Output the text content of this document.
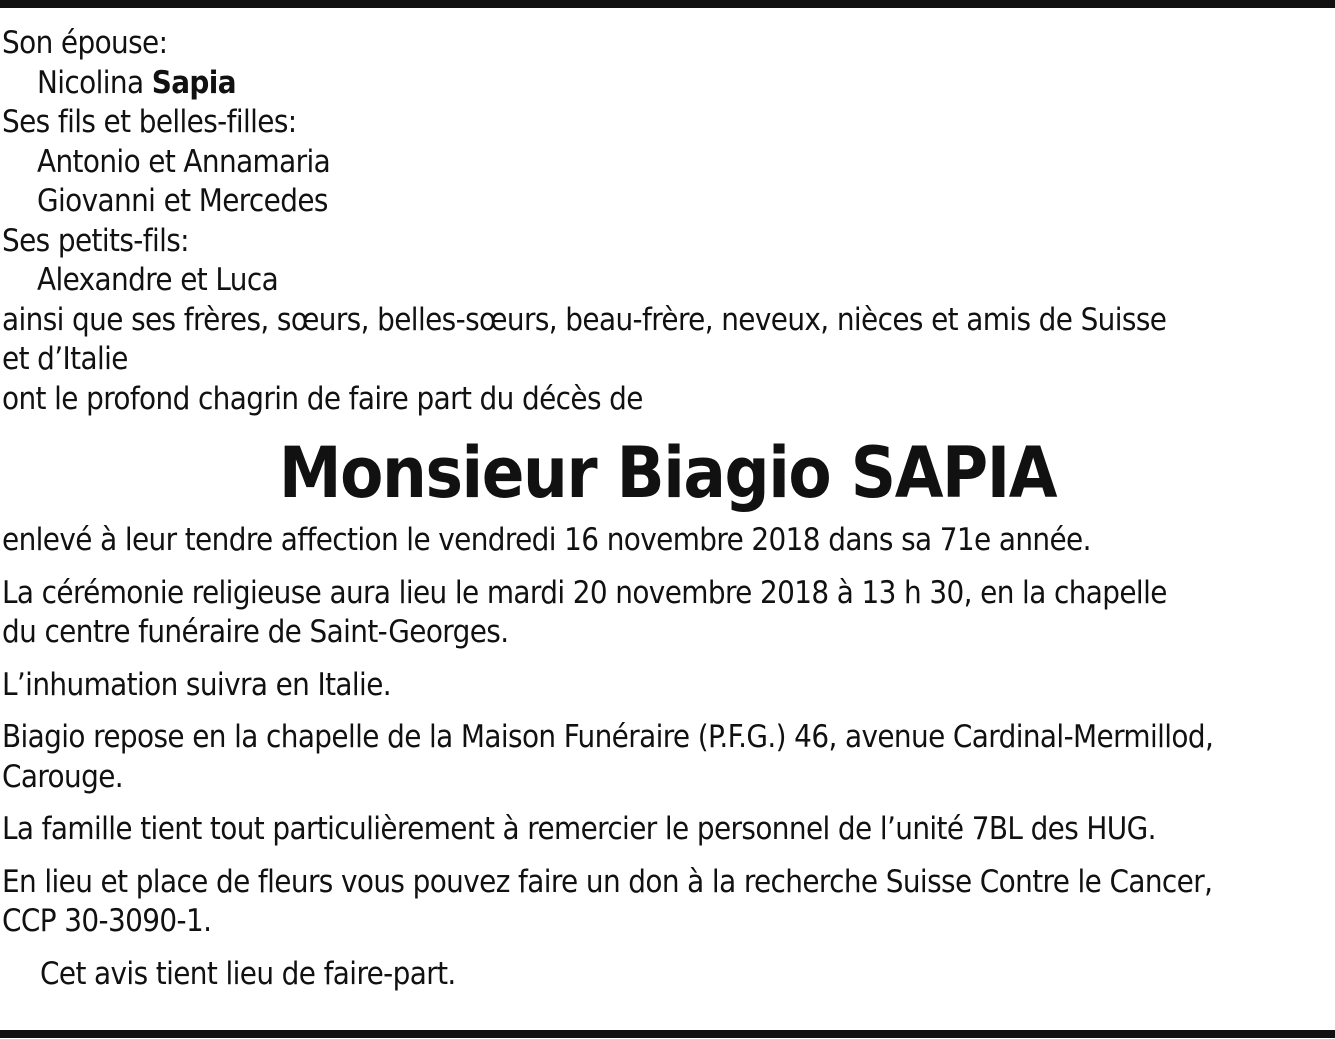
Son épouse:
Nicolina Sapia
Ses fils et belles-filles:
Antonio et Annamaria
Giovanni et Mercedes
Ses petits-fils:
Alexandre et Luca
ainsi que ses frères, sœurs, belles-sœurs, beau-frère, neveux, nièces et amis de Suisse
et d’Italie
ont le profond chagrin de faire part du décès de
Monsieur Biagio SAPIA
enlevé à leur tendre affection le vendredi 16 novembre 2018 dans sa 71e année.
La cérémonie religieuse aura lieu le mardi 20 novembre 2018 à 13 h 30, en la chapelle
du centre funéraire de Saint-Georges.
L’inhumation suivra en Italie.
Biagio repose en la chapelle de la Maison Funéraire (P.F.G.) 46, avenue Cardinal-Mermillod,
Carouge.
La famille tient tout particulièrement à remercier le personnel de l’unité 7BL des HUG.
En lieu et place de fleurs vous pouvez faire un don à la recherche Suisse Contre le Cancer,
CCP 30-3090-1.
Cet avis tient lieu de faire-part.
